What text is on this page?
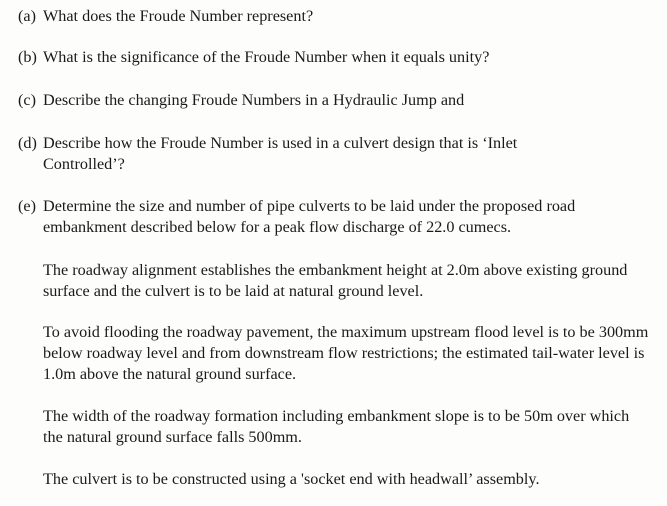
(a) What does the Froude Number represent?
(b) What is the significance of the Froude Number when it equals unity?
(c) Describe the changing Froude Numbers in a Hydraulic Jump and
(d) Describe how the Froude Number is used in a culvert design that is ‘Inlet Controlled’?
(e) Determine the size and number of pipe culverts to be laid under the proposed road embankment described below for a peak flow discharge of 22.0 cumecs.
The roadway alignment establishes the embankment height at 2.0m above existing ground surface and the culvert is to be laid at natural ground level.
To avoid flooding the roadway pavement, the maximum upstream flood level is to be 300mm below roadway level and from downstream flow restrictions; the estimated tail-water level is 1.0m above the natural ground surface.
The width of the roadway formation including embankment slope is to be 50m over which the natural ground surface falls 500mm.
The culvert is to be constructed using a 'socket end with headwall’ assembly.
